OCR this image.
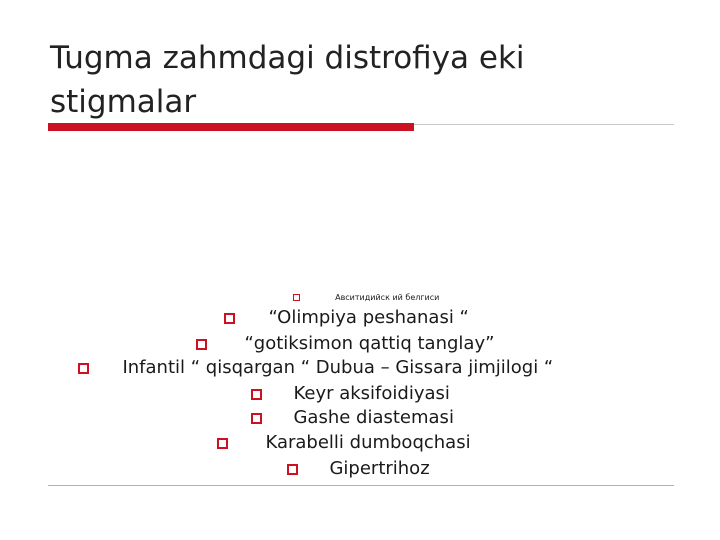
Tugma zahmdagi distrofiya eki stigmalar
Авситидийск ий белгиси
“Olimpiya peshanasi “
“gotiksimon qattiq tanglay”
Infantil “ qisqargan “ Dubua – Gissara jimjilogi “
Keyr aksifoidiyasi
Gashe diastemasi
Karabelli dumboqchasi
Gipertrihoz
